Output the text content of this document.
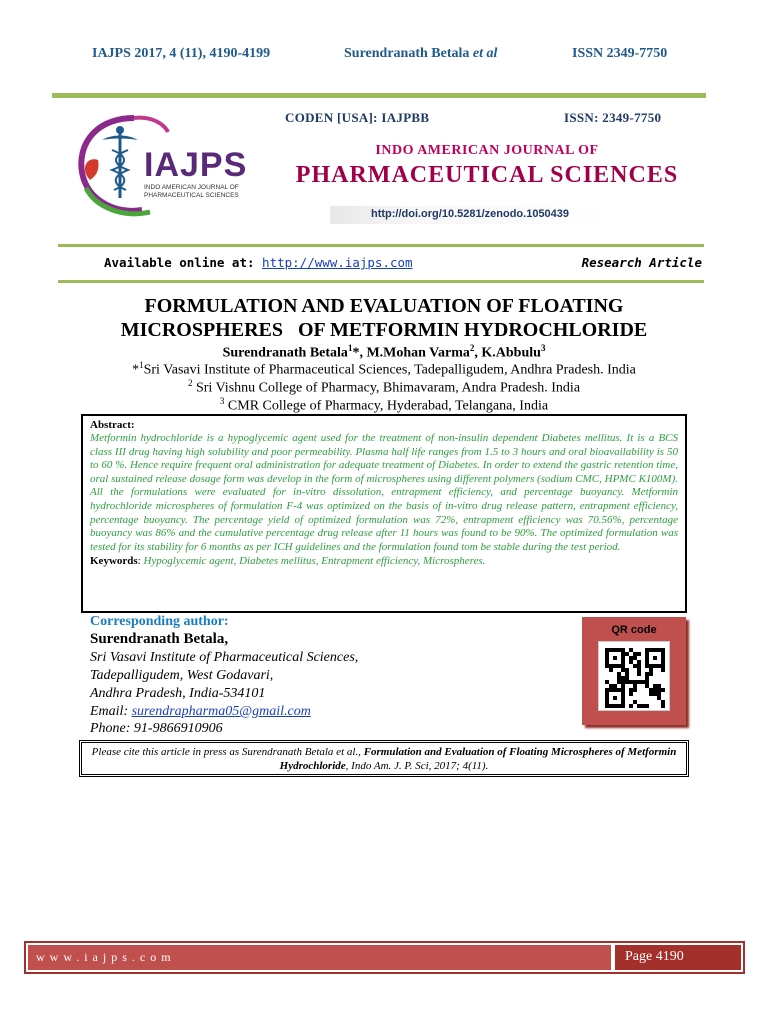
IAJPS 2017, 4 (11), 4190-4199	Surendranath Betala et al	ISSN 2349-7750
IAJPS
INDO AMERICAN JOURNAL OF PHARMACEUTICAL SCIENCES
CODEN [USA]: IAJPBB	ISSN: 2349-7750
INDO AMERICAN JOURNAL OF
PHARMACEUTICAL SCIENCES
http://doi.org/10.5281/zenodo.1050439
Available online at: http://www.iajps.com	Research Article
FORMULATION AND EVALUATION OF FLOATING
MICROSPHERES   OF METFORMIN HYDROCHLORIDE
Surendranath Betala$^1$*, M.Mohan Varma$^2$, K.Abbulu$^3$
*$^1$Sri Vasavi Institute of Pharmaceutical Sciences, Tadepalligudem, Andhra Pradesh. India
$^2$ Sri Vishnu College of Pharmacy, Bhimavaram, Andra Pradesh. India
$^3$ CMR College of Pharmacy, Hyderabad, Telangana, India
Abstract:
Metformin hydrochloride is a hypoglycemic agent used for the treatment of non-insulin dependent Diabetes mellitus. It is a BCS class III drug having high solubility and poor permeability. Plasma half life ranges from 1.5 to 3 hours and oral bioavailability is 50 to 60 %. Hence require frequent oral administration for adequate treatment of Diabetes. In order to extend the gastric retention time, oral sustained release dosage form was develop in the form of microspheres using different polymers (sodium CMC, HPMC K100M). All the formulations were evaluated for in-vitro dissolution, entrapment efficiency, and percentage buoyancy. Metformin hydrochloride microspheres of formulation F-4 was optimized on the basis of in-vitro drug release pattern, entrapment efficiency, percentage buoyancy. The percentage yield of optimized formulation was 72%, entrapment efficiency was 70.56%, percentage buoyancy was 86% and the cumulative percentage drug release after 11 hours was found to be 90%. The optimized formulation was tested for its stability for 6 months as per ICH guidelines and the formulation found tom be stable during the test period.
Keywords: Hypoglycemic agent, Diabetes mellitus, Entrapment efficiency, Microspheres.
Corresponding author:
Surendranath Betala,
Sri Vasavi Institute of Pharmaceutical Sciences,
Tadepalligudem, West Godavari,
Andhra Pradesh, India-534101
Email: surendrapharma05@gmail.com
Phone: 91-9866910906
QR code
Please cite this article in press as Surendranath Betala et al., Formulation and Evaluation of Floating Microspheres of Metformin Hydrochloride, Indo Am. J. P. Sci, 2017; 4(11).
www.iajps.com	Page 4190
